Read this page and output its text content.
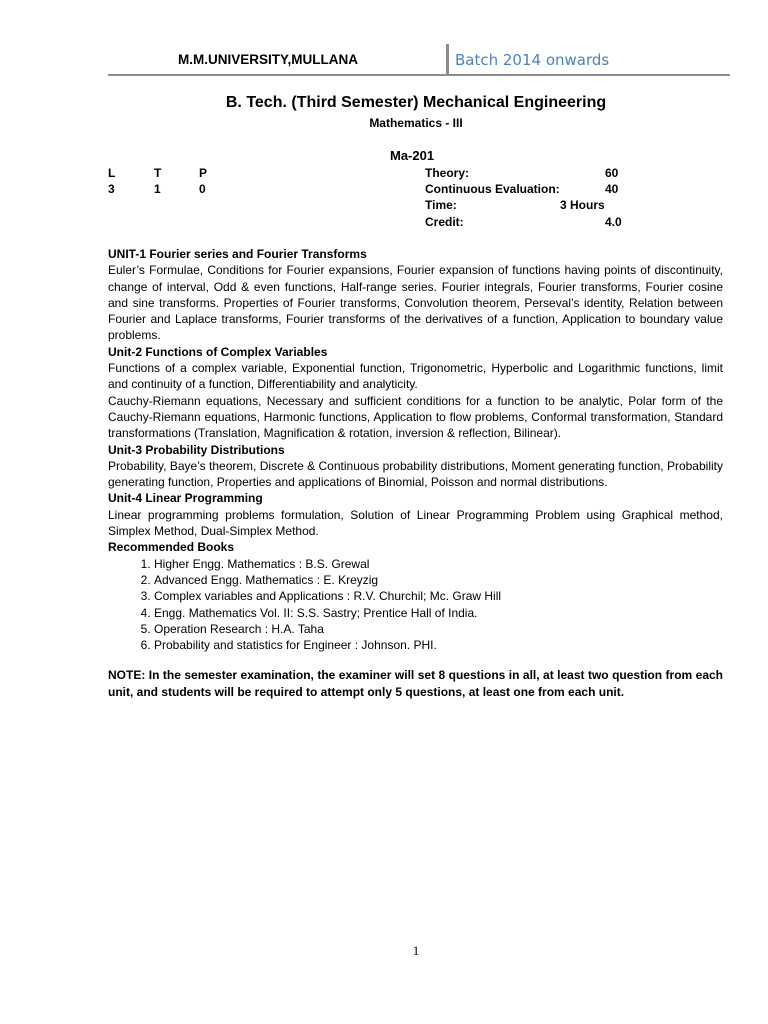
M.M.UNIVERSITY,MULLANA	Batch 2014 onwards
B. Tech. (Third Semester) Mechanical Engineering
Mathematics - III
Ma-201
L	T	P
3	1	0
Theory:	60
Continuous Evaluation:	40
Time:	3 Hours
Credit:	4.0

UNIT-1 Fourier series and Fourier Transforms

Euler’s Formulae, Conditions for Fourier expansions, Fourier expansion of functions having points of discontinuity, change of interval, Odd & even functions, Half-range series. Fourier integrals, Fourier transforms, Fourier cosine and sine transforms. Properties of Fourier transforms, Convolution theorem, Perseval’s identity, Relation between Fourier and Laplace transforms, Fourier transforms of the derivatives of a function, Application to boundary value problems.

Unit-2 Functions of Complex Variables

Functions of a complex variable, Exponential function, Trigonometric, Hyperbolic and Logarithmic functions, limit and continuity of a function, Differentiability and analyticity.

Cauchy-Riemann equations, Necessary and sufficient conditions for a function to be analytic, Polar form of the Cauchy-Riemann equations, Harmonic functions, Application to flow problems, Conformal transformation, Standard transformations (Translation, Magnification & rotation, inversion & reflection, Bilinear).

Unit-3 Probability Distributions

Probability, Baye’s theorem, Discrete & Continuous probability distributions, Moment generating function, Probability generating function, Properties and applications of Binomial, Poisson and normal distributions.

Unit-4 Linear Programming

Linear programming problems formulation, Solution of Linear Programming Problem using Graphical method, Simplex Method, Dual-Simplex Method.

Recommended Books

1. Higher Engg. Mathematics : B.S. Grewal
2. Advanced Engg. Mathematics : E. Kreyzig
3. Complex variables and Applications : R.V. Churchil; Mc. Graw Hill
4. Engg. Mathematics Vol. II: S.S. Sastry; Prentice Hall of India.
5. Operation Research : H.A. Taha
6. Probability and statistics for Engineer : Johnson. PHI.

NOTE: In the semester examination, the examiner will set 8 questions in all, at least two question from each unit, and students will be required to attempt only 5 questions, at least one from each unit.

1
